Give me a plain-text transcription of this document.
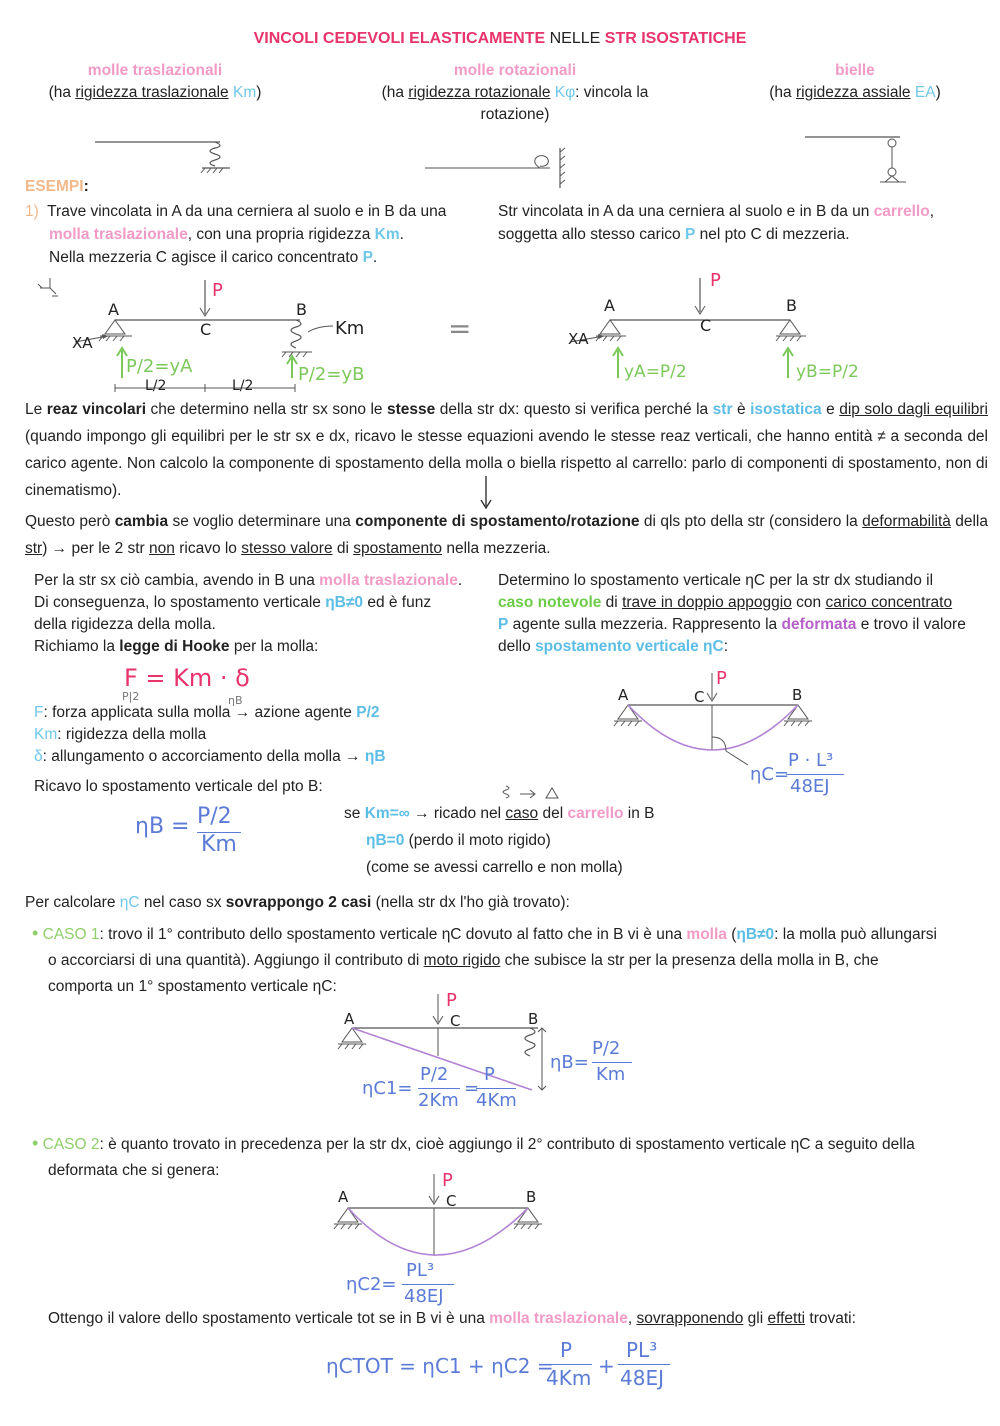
VINCOLI CEDEVOLI ELASTICAMENTE NELLE STR ISOSTATICHE
molle traslazionali
(ha rigidezza traslazionale Km)
molle rotazionali
(ha rigidezza rotazionale Kφ: vincola la rotazione)
bielle
(ha rigidezza assiale EA)
ESEMPI:
1) Trave vincolata in A da una cerniera al suolo e in B da una
molla traslazionale, con una propria rigidezza Km.
Nella mezzeria C agisce il carico concentrato P.
Str vincolata in A da una cerniera al suolo e in B da un carrello,
soggetta allo stesso carico P nel pto C di mezzeria.
P
A
C
B
Km
XA
P/2=yA	P/2=yB
L/2	L/2
=
P
A
C
B
XA
yA=P/2	yB=P/2
Le reaz vincolari che determino nella str sx sono le stesse della str dx: questo si verifica perché la str è isostatica e dip solo dagli equilibri (quando impongo gli equilibri per le str sx e dx, ricavo le stesse equazioni avendo le stesse reaz verticali, che hanno entità ≠ a seconda del carico agente. Non calcolo la componente di spostamento della molla o biella rispetto al carrello: parlo di componenti di spostamento, non di cinematismo).
Questo però cambia se voglio determinare una componente di spostamento/rotazione di qls pto della str (considero la deformabilità della str) → per le 2 str non ricavo lo stesso valore di spostamento nella mezzeria.
Per la str sx ciò cambia, avendo in B una molla traslazionale.
Di conseguenza, lo spostamento verticale ηB≠0 ed è funz
della rigidezza della molla.
Richiamo la legge di Hooke per la molla:
F = Km · δ
P|2	ηB
F: forza applicata sulla molla → azione agente P/2
Km: rigidezza della molla
δ: allungamento o accorciamento della molla → ηB
Ricavo lo spostamento verticale del pto B:
ηB = P/2
Km
se Km=∞ → ricado nel caso del carrello in B
ηB=0 (perdo il moto rigido)
(come se avessi carrello e non molla)
Determino lo spostamento verticale ηC per la str dx studiando il
caso notevole di trave in doppio appoggio con carico concentrato
P agente sulla mezzeria. Rappresento la deformata e trovo il valore
dello spostamento verticale ηC:
A	C
P
B
ηC=
P · L³
48EJ
Per calcolare ηC nel caso sx sovrappongo 2 casi (nella str dx l'ho già trovato):
• CASO 1: trovo il 1° contributo dello spostamento verticale ηC dovuto al fatto che in B vi è una molla (ηB≠0: la molla può allungarsi
o accorciarsi di una quantità). Aggiungo il contributo di moto rigido che subisce la str per la presenza della molla in B, che
comporta un 1° spostamento verticale ηC:
A
P
C	B
ηB=
P/2
Km
ηC1=
P/2
2Km
=
P
4Km
• CASO 2: è quanto trovato in precedenza per la str dx, cioè aggiungo il 2° contributo di spostamento verticale ηC a seguito della
deformata che si genera:
A
P
C	B
ηC2=
PL³
48EJ
Ottengo il valore dello spostamento verticale tot se in B vi è una molla traslazionale, sovrapponendo gli effetti trovati:
ηCTOT = ηC1 + ηC2 =
P
4Km +
PL³
48EJ
